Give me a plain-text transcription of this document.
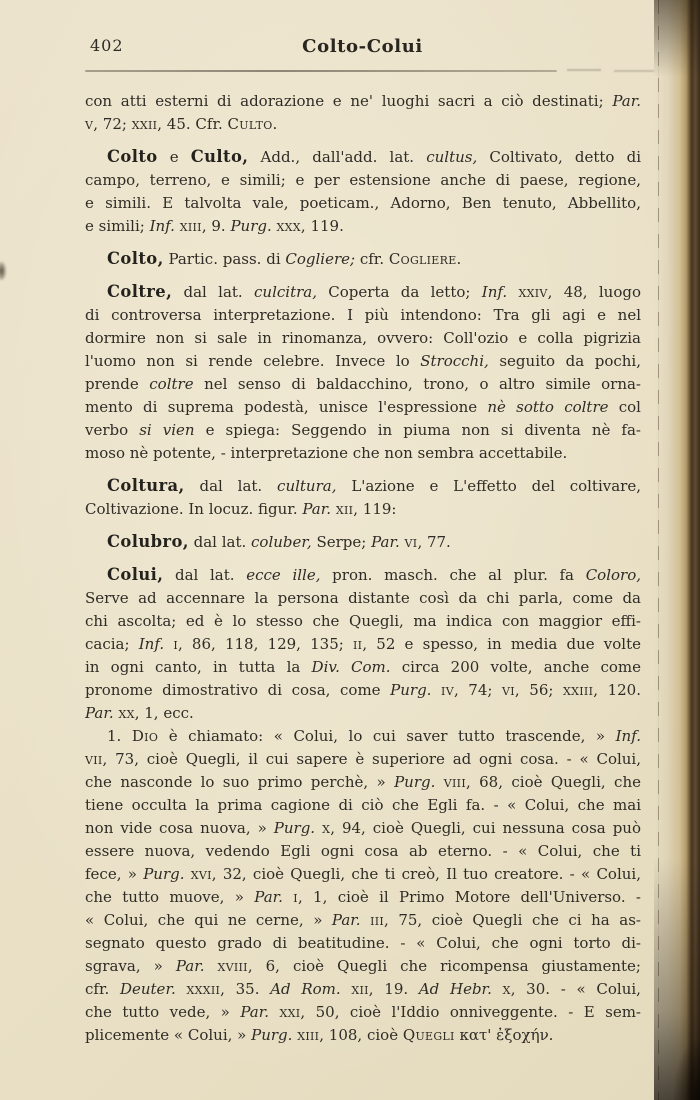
402	Colto-Colui
con atti esterni di adorazione e ne' luoghi sacri a ciò destinati; Par.
v, 72; xxii, 45. Cfr. Culto.
Colto e Culto, Add., dall'add. lat. cultus, Coltivato, detto di
campo, terreno, e simili; e per estensione anche di paese, regione,
e simili. E talvolta vale, poeticam., Adorno, Ben tenuto, Abbellito,
e simili; Inf. xiii, 9. Purg. xxx, 119.
Colto, Partic. pass. di Cogliere; cfr. Cogliere.
Coltre, dal lat. culcitra, Coperta da letto; Inf. xxiv, 48, luogo
di controversa interpretazione. I più intendono: Tra gli agi e nel
dormire non si sale in rinomanza, ovvero: Coll'ozio e colla pigrizia
l'uomo non si rende celebre. Invece lo Strocchi, seguito da pochi,
prende coltre nel senso di baldacchino, trono, o altro simile orna-
mento di suprema podestà, unisce l'espressione nè sotto coltre col
verbo si vien e spiega: Seggendo in piuma non si diventa nè fa-
moso nè potente, - interpretazione che non sembra accettabile.
Coltura, dal lat. cultura, L'azione e L'effetto del coltivare,
Coltivazione. In locuz. figur. Par. xii, 119:
Colubro, dal lat. coluber, Serpe; Par. vi, 77.
Colui, dal lat. ecce ille, pron. masch. che al plur. fa Coloro,
Serve ad accennare la persona distante così da chi parla, come da
chi ascolta; ed è lo stesso che Quegli, ma indica con maggior effi-
cacia; Inf. i, 86, 118, 129, 135; ii, 52 e spesso, in media due volte
in ogni canto, in tutta la Div. Com. circa 200 volte, anche come
pronome dimostrativo di cosa, come Purg. iv, 74; vi, 56; xxiii, 120.
Par. xx, 1, ecc.
1. Dio è chiamato: « Colui, lo cui saver tutto trascende, » Inf.
vii, 73, cioè Quegli, il cui sapere è superiore ad ogni cosa. - « Colui,
che nasconde lo suo primo perchè, » Purg. viii, 68, cioè Quegli, che
tiene occulta la prima cagione di ciò che Egli fa. - « Colui, che mai
non vide cosa nuova, » Purg. x, 94, cioè Quegli, cui nessuna cosa può
essere nuova, vedendo Egli ogni cosa ab eterno. - « Colui, che ti
fece, » Purg. xvi, 32, cioè Quegli, che ti creò, Il tuo creatore. - « Colui,
che tutto muove, » Par. i, 1, cioè il Primo Motore dell'Universo. -
« Colui, che qui ne cerne, » Par. iii, 75, cioè Quegli che ci ha as-
segnato questo grado di beatitudine. - « Colui, che ogni torto di-
sgrava, » Par. xviii, 6, cioè Quegli che ricompensa giustamente;
cfr. Deuter. xxxii, 35. Ad Rom. xii, 19. Ad Hebr. x, 30. - « Colui,
che tutto vede, » Par. xxi, 50, cioè l'Iddio onniveggente. - E sem-
plicemente « Colui, » Purg. xiii, 108, cioè Quegli κατ' ἐξοχήν.
